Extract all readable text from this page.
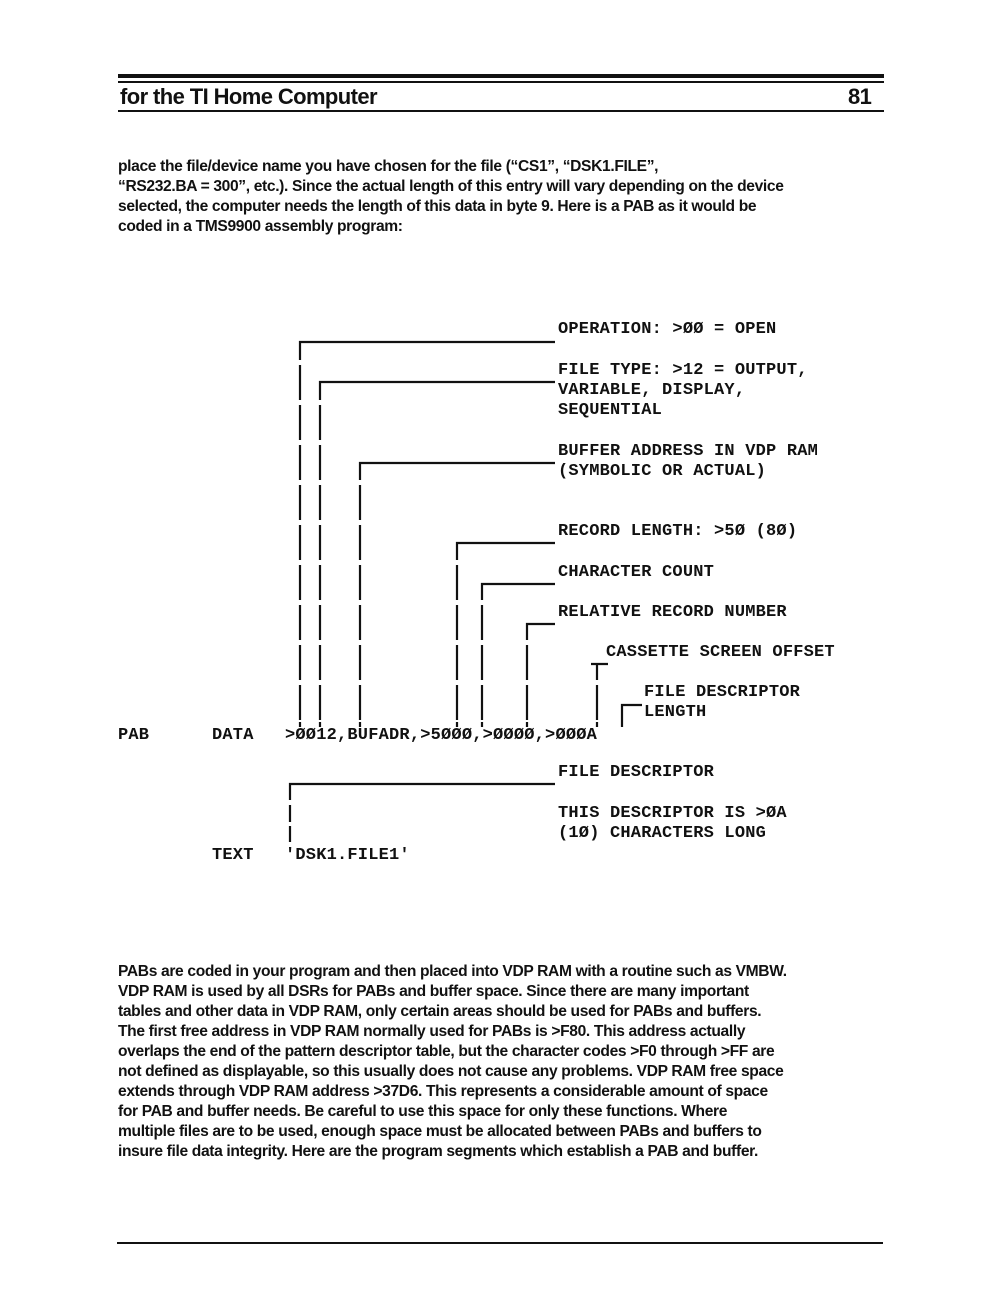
for the TI Home Computer	81
place the file/device name you have chosen for the file (“CS1”, “DSK1.FILE”,
“RS232.BA = 300”, etc.). Since the actual length of this entry will vary depending on the device
selected, the computer needs the length of this data in byte 9. Here is a PAB as it would be
coded in a TMS9900 assembly program:
OPERATION: >ØØ = OPEN
FILE TYPE: >12 = OUTPUT,
VARIABLE, DISPLAY,
SEQUENTIAL
BUFFER ADDRESS IN VDP RAM
(SYMBOLIC OR ACTUAL)
RECORD LENGTH: >5Ø (8Ø)
CHARACTER COUNT
RELATIVE RECORD NUMBER
CASSETTE SCREEN OFFSET
FILE DESCRIPTOR
LENGTH
PAB	DATA >ØØ12,BUFADR,>5ØØØ,>ØØØØ,>ØØØA
FILE DESCRIPTOR
THIS DESCRIPTOR IS >ØA
(1Ø) CHARACTERS LONG
TEXT 'DSK1.FILE1'
PABs are coded in your program and then placed into VDP RAM with a routine such as VMBW.
VDP RAM is used by all DSRs for PABs and buffer space. Since there are many important
tables and other data in VDP RAM, only certain areas should be used for PABs and buffers.
The first free address in VDP RAM normally used for PABs is >F80. This address actually
overlaps the end of the pattern descriptor table, but the character codes >F0 through >FF are
not defined as displayable, so this usually does not cause any problems. VDP RAM free space
extends through VDP RAM address >37D6. This represents a considerable amount of space
for PAB and buffer needs. Be careful to use this space for only these functions. Where
multiple files are to be used, enough space must be allocated between PABs and buffers to
insure file data integrity. Here are the program segments which establish a PAB and buffer.
